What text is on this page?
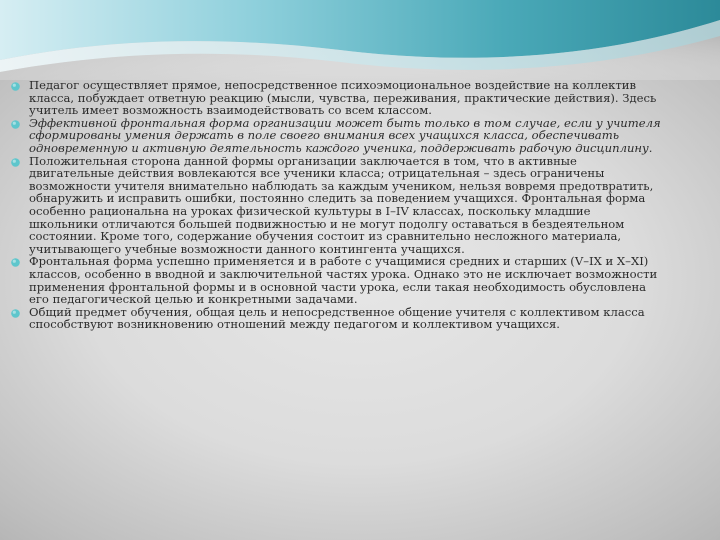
Педагог осуществляет прямое, непосредственное психоэмоциональное воздействие на коллектив класса, побуждает ответную реакцию (мысли, чувства, переживания, практические действия). Здесь учитель имеет возможность взаимодействовать со всем классом.
Эффективной фронтальная форма организации может быть только в том случае, если у учителя сформированы умения держать в поле своего внимания всех учащихся класса, обеспечивать одновременную и активную деятельность каждого ученика, поддерживать рабочую дисциплину.
Положительная сторона данной формы организации заключается в том, что в активные двигательные действия вовлекаются все ученики класса; отрицательная – здесь ограничены возможности учителя внимательно наблюдать за каждым учеником, нельзя вовремя предотвратить, обнаружить и исправить ошибки, постоянно следить за поведением учащихся. Фронтальная форма особенно рациональна на уроках физической культуры в I–IV классах, поскольку младшие школьники отличаются большей подвижностью и не могут подолгу оставаться в бездеятельном состоянии. Кроме того, содержание обучения состоит из сравнительно несложного материала, учитывающего учебные возможности данного контингента учащихся.
Фронтальная форма успешно применяется и в работе с учащимися средних и старших (V–IX и X–XI) классов, особенно в вводной и заключительной частях урока. Однако это не исключает возможности применения фронтальной формы и в основной части урока, если такая необходимость обусловлена его педагогической целью и конкретными задачами.
Общий предмет обучения, общая цель и непосредственное общение учителя с коллективом класса способствуют возникновению отношений между педагогом и коллективом учащихся.
